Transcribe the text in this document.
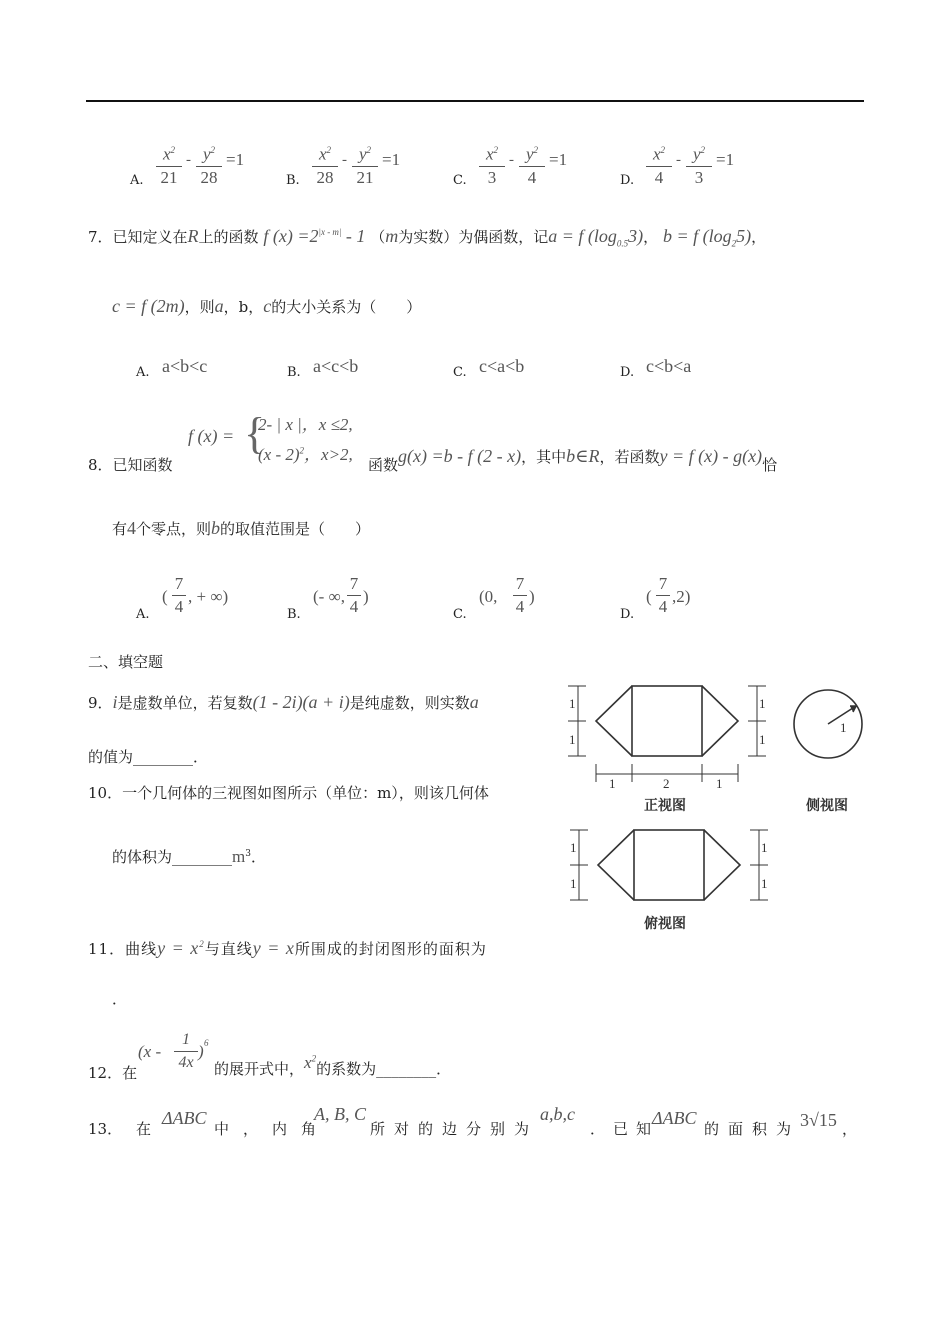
A.
$x^2$
21
- $y^2$
28
=1
B.
$x^2$
28
- $y^2$
21
=1
C.
$x^2$
3
- $y^2$
4
=1
D.
$x^2$
4
- $y^2$
3
=1
7．已知定义在R上的函数 f $(x) =2^{|x - m|} - 1$ （m为实数）为偶函数，记a = f $(\log_{0.5}3)$， b = f $(\log_25)$，
c = f (2m)，则a，b，c的大小关系为（　　）
A. a<b<c	B. a<c<b	C. c<a<b	D. c<b<a
f (x) = {
2- | x |，x ≤2,
(x - 2)$^2$，x>2,
8．已知函数	函数g(x) =b - f (2 - x)，其中b∈R，若函数y = f (x) - g(x)恰
有4个零点，则b的取值范围是（　　）
A.
(
7
4
, + ∞)
B.
(- ∞,
7
4
)
C.
(0,
7
4
)
D.
(
7
4
,2)
二、填空题
9．i是虚数单位，若复数(1 - 2i)(a + i)是纯虚数，则实数a
的值为________．
10．一个几何体的三视图如图所示（单位：m），则该几何体
的体积为$\_\_\_\_\_\_\_\_m^3$．
1
1
1
1
1	2	1
1
1
1
1
1
正视图	侧视图
俯视图
11．曲线$y = x^2$与直线y = x所围成的封闭图形的面积为
．
12．在
(x -
1
4x
) 6
的展开式中，$x^2$的系数为________．
13． 在
ΔABC
中，内角
A, B, C
所对的边分别为
a,b,c
．已知
ΔABC
的面积为 3√15 ，
